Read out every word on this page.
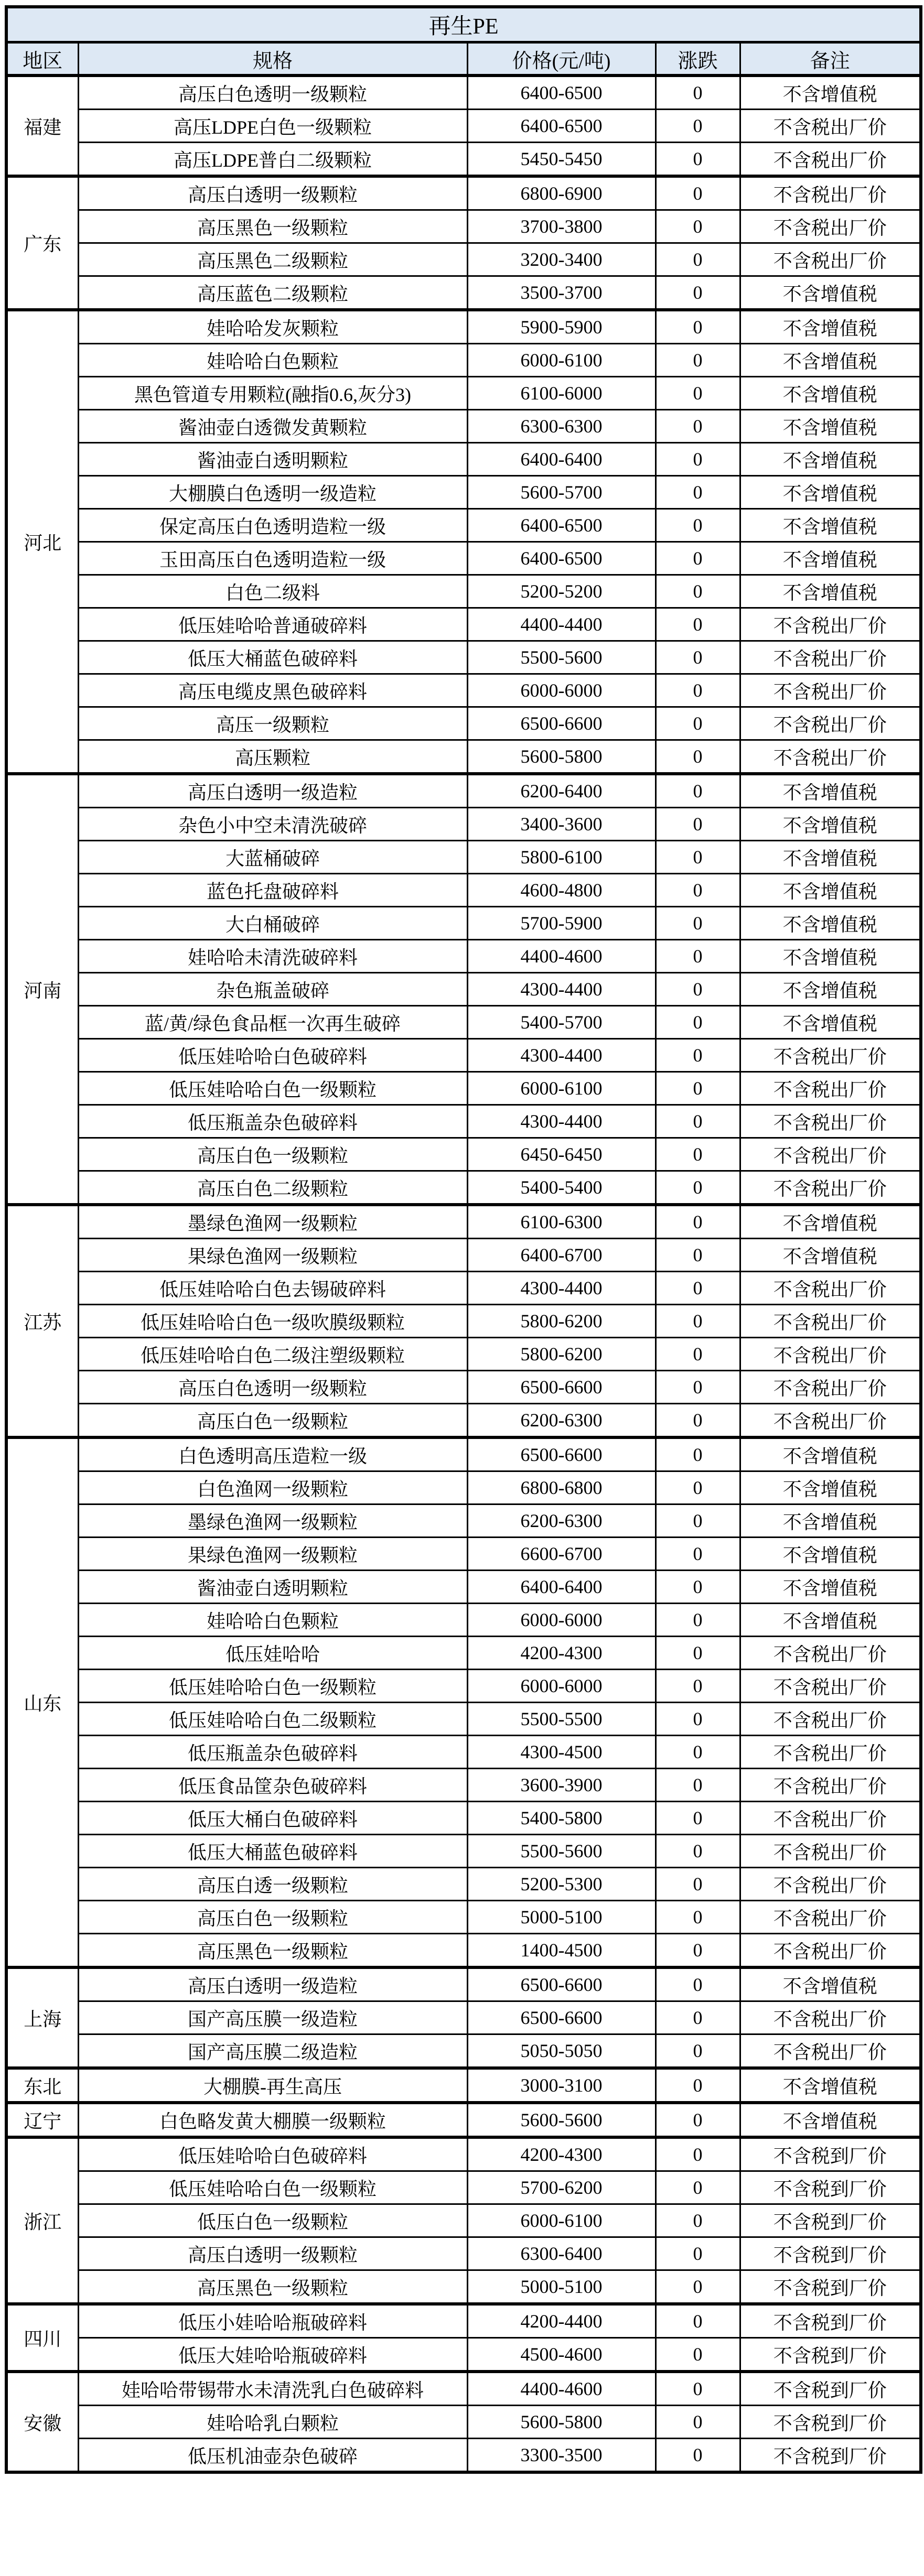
再生PE				
地区	规格	价格(元/吨)	涨跌	备注
福建	高压白色透明一级颗粒	6400-6500	0	不含增值税
	高压LDPE白色一级颗粒	6400-6500	0	不含税出厂价
	高压LDPE普白二级颗粒	5450-5450	0	不含税出厂价
广东	高压白透明一级颗粒	6800-6900	0	不含税出厂价
	高压黑色一级颗粒	3700-3800	0	不含税出厂价
	高压黑色二级颗粒	3200-3400	0	不含税出厂价
	高压蓝色二级颗粒	3500-3700	0	不含增值税
河北	娃哈哈发灰颗粒	5900-5900	0	不含增值税
	娃哈哈白色颗粒	6000-6100	0	不含增值税
	黑色管道专用颗粒(融指0.6,灰分3)	6100-6000	0	不含增值税
	酱油壶白透微发黄颗粒	6300-6300	0	不含增值税
	酱油壶白透明颗粒	6400-6400	0	不含增值税
	大棚膜白色透明一级造粒	5600-5700	0	不含增值税
	保定高压白色透明造粒一级	6400-6500	0	不含增值税
	玉田高压白色透明造粒一级	6400-6500	0	不含增值税
	白色二级料	5200-5200	0	不含增值税
	低压娃哈哈普通破碎料	4400-4400	0	不含税出厂价
	低压大桶蓝色破碎料	5500-5600	0	不含税出厂价
	高压电缆皮黑色破碎料	6000-6000	0	不含税出厂价
	高压一级颗粒	6500-6600	0	不含税出厂价
	高压颗粒	5600-5800	0	不含税出厂价
河南	高压白透明一级造粒	6200-6400	0	不含增值税
	杂色小中空未清洗破碎	3400-3600	0	不含增值税
	大蓝桶破碎	5800-6100	0	不含增值税
	蓝色托盘破碎料	4600-4800	0	不含增值税
	大白桶破碎	5700-5900	0	不含增值税
	娃哈哈未清洗破碎料	4400-4600	0	不含增值税
	杂色瓶盖破碎	4300-4400	0	不含增值税
	蓝/黄/绿色食品框一次再生破碎	5400-5700	0	不含增值税
	低压娃哈哈白色破碎料	4300-4400	0	不含税出厂价
	低压娃哈哈白色一级颗粒	6000-6100	0	不含税出厂价
	低压瓶盖杂色破碎料	4300-4400	0	不含税出厂价
	高压白色一级颗粒	6450-6450	0	不含税出厂价
	高压白色二级颗粒	5400-5400	0	不含税出厂价
江苏	墨绿色渔网一级颗粒	6100-6300	0	不含增值税
	果绿色渔网一级颗粒	6400-6700	0	不含增值税
	低压娃哈哈白色去锡破碎料	4300-4400	0	不含税出厂价
	低压娃哈哈白色一级吹膜级颗粒	5800-6200	0	不含税出厂价
	低压娃哈哈白色二级注塑级颗粒	5800-6200	0	不含税出厂价
	高压白色透明一级颗粒	6500-6600	0	不含税出厂价
	高压白色一级颗粒	6200-6300	0	不含税出厂价
山东	白色透明高压造粒一级	6500-6600	0	不含增值税
	白色渔网一级颗粒	6800-6800	0	不含增值税
	墨绿色渔网一级颗粒	6200-6300	0	不含增值税
	果绿色渔网一级颗粒	6600-6700	0	不含增值税
	酱油壶白透明颗粒	6400-6400	0	不含增值税
	娃哈哈白色颗粒	6000-6000	0	不含增值税
	低压娃哈哈	4200-4300	0	不含税出厂价
	低压娃哈哈白色一级颗粒	6000-6000	0	不含税出厂价
	低压娃哈哈白色二级颗粒	5500-5500	0	不含税出厂价
	低压瓶盖杂色破碎料	4300-4500	0	不含税出厂价
	低压食品筐杂色破碎料	3600-3900	0	不含税出厂价
	低压大桶白色破碎料	5400-5800	0	不含税出厂价
	低压大桶蓝色破碎料	5500-5600	0	不含税出厂价
	高压白透一级颗粒	5200-5300	0	不含税出厂价
	高压白色一级颗粒	5000-5100	0	不含税出厂价
	高压黑色一级颗粒	1400-4500	0	不含税出厂价
上海	高压白透明一级造粒	6500-6600	0	不含增值税
	国产高压膜一级造粒	6500-6600	0	不含税出厂价
	国产高压膜二级造粒	5050-5050	0	不含税出厂价
东北	大棚膜-再生高压	3000-3100	0	不含增值税
辽宁	白色略发黄大棚膜一级颗粒	5600-5600	0	不含增值税
浙江	低压娃哈哈白色破碎料	4200-4300	0	不含税到厂价
	低压娃哈哈白色一级颗粒	5700-6200	0	不含税到厂价
	低压白色一级颗粒	6000-6100	0	不含税到厂价
	高压白透明一级颗粒	6300-6400	0	不含税到厂价
	高压黑色一级颗粒	5000-5100	0	不含税到厂价
四川	低压小娃哈哈瓶破碎料	4200-4400	0	不含税到厂价
	低压大娃哈哈瓶破碎料	4500-4600	0	不含税到厂价
安徽	娃哈哈带锡带水未清洗乳白色破碎料	4400-4600	0	不含税到厂价
	娃哈哈乳白颗粒	5600-5800	0	不含税到厂价
	低压机油壶杂色破碎	3300-3500	0	不含税到厂价
